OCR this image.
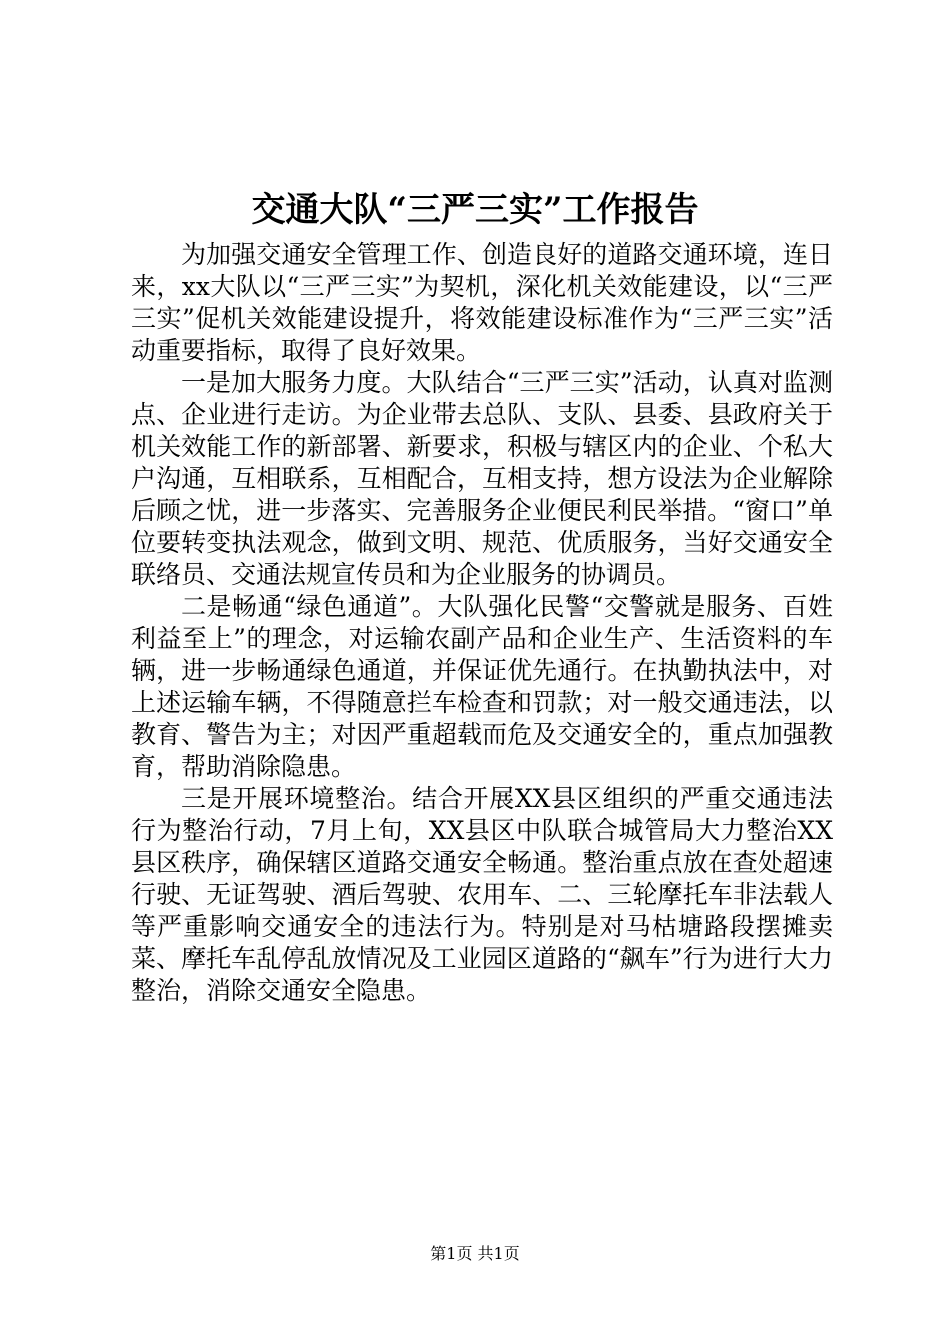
交通大队“三严三实”工作报告

为加强交通安全管理工作、创造良好的道路交通环境，连日来，xx大队以“三严三实”为契机，深化机关效能建设，以“三严三实”促机关效能建设提升，将效能建设标准作为“三严三实”活动重要指标，取得了良好效果。

一是加大服务力度。大队结合“三严三实”活动，认真对监测点、企业进行走访。为企业带去总队、支队、县委、县政府关于机关效能工作的新部署、新要求，积极与辖区内的企业、个私大户沟通，互相联系，互相配合，互相支持，想方设法为企业解除后顾之忧，进一步落实、完善服务企业便民利民举措。“窗口”单位要转变执法观念，做到文明、规范、优质服务，当好交通安全联络员、交通法规宣传员和为企业服务的协调员。

二是畅通“绿色通道”。大队强化民警“交警就是服务、百姓利益至上”的理念，对运输农副产品和企业生产、生活资料的车辆，进一步畅通绿色通道，并保证优先通行。在执勤执法中，对上述运输车辆，不得随意拦车检查和罚款；对一般交通违法，以教育、警告为主；对因严重超载而危及交通安全的，重点加强教育，帮助消除隐患。

三是开展环境整治。结合开展XX县区组织的严重交通违法行为整治行动，7月上旬，XX县区中队联合城管局大力整治XX县区秩序，确保辖区道路交通安全畅通。整治重点放在查处超速行驶、无证驾驶、酒后驾驶、农用车、二、三轮摩托车非法载人等严重影响交通安全的违法行为。特别是对马枯塘路段摆摊卖菜、摩托车乱停乱放情况及工业园区道路的“飙车”行为进行大力整治，消除交通安全隐患。

第1页 共1页
